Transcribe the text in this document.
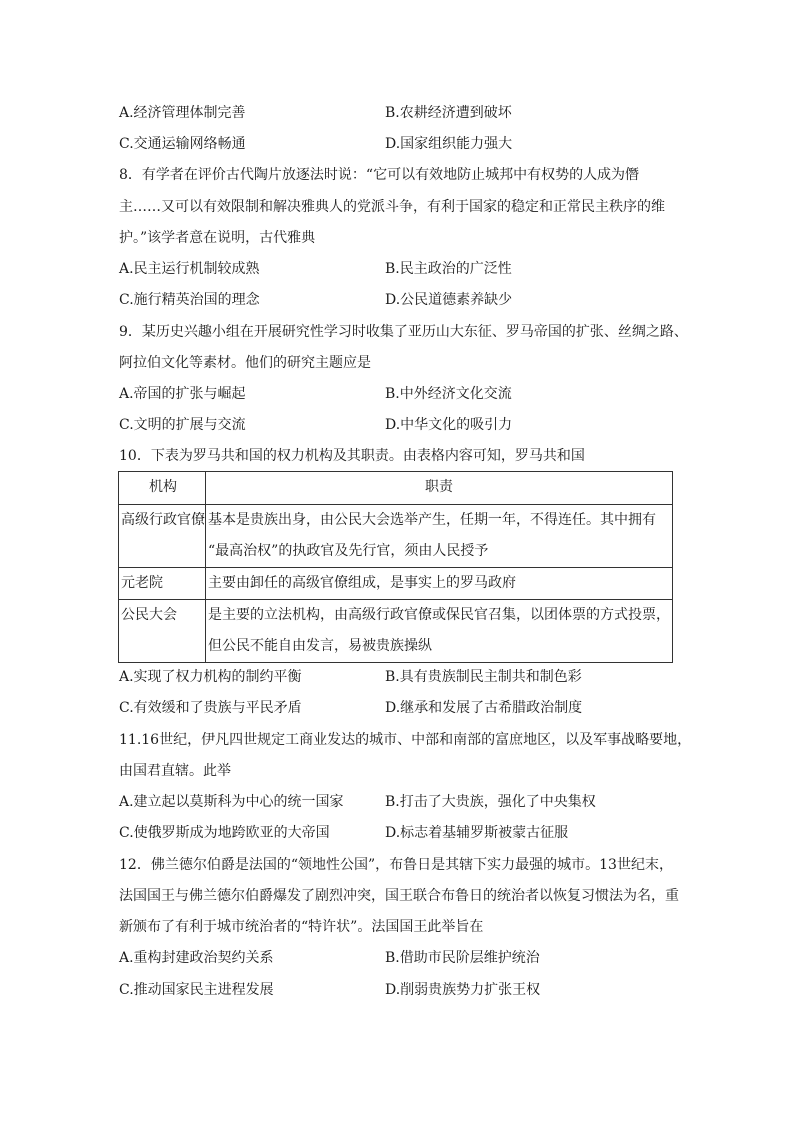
A.经济管理体制完善	B.农耕经济遭到破坏
C.交通运输网络畅通	D.国家组织能力强大
8．有学者在评价古代陶片放逐法时说：“它可以有效地防止城邦中有权势的人成为僭
主……又可以有效限制和解决雅典人的党派斗争，有利于国家的稳定和正常民主秩序的维
护。”该学者意在说明，古代雅典
A.民主运行机制较成熟	B.民主政治的广泛性
C.施行精英治国的理念	D.公民道德素养缺少
9．某历史兴趣小组在开展研究性学习时收集了亚历山大东征、罗马帝国的扩张、丝绸之路、
阿拉伯文化等素材。他们的研究主题应是
A.帝国的扩张与崛起	B.中外经济文化交流
C.文明的扩展与交流	D.中华文化的吸引力
10．下表为罗马共和国的权力机构及其职责。由表格内容可知，罗马共和国
机构	职责

高级行政官僚	基本是贵族出身，由公民大会选举产生，任期一年，不得连任。其中拥有
“最高治权”的执政官及先行官，须由人民授予

元老院	主要由卸任的高级官僚组成，是事实上的罗马政府

公民大会	是主要的立法机构，由高级行政官僚或保民官召集，以团体票的方式投票，
但公民不能自由发言，易被贵族操纵
A.实现了权力机构的制约平衡	B.具有贵族制民主制共和制色彩
C.有效缓和了贵族与平民矛盾	D.继承和发展了古希腊政治制度
11.16世纪，伊凡四世规定工商业发达的城市、中部和南部的富庶地区，以及军事战略要地，
由国君直辖。此举
A.建立起以莫斯科为中心的统一国家	B.打击了大贵族，强化了中央集权
C.使俄罗斯成为地跨欧亚的大帝国	D.标志着基辅罗斯被蒙古征服
12．佛兰德尔伯爵是法国的“领地性公国”，布鲁日是其辖下实力最强的城市。13世纪末，
法国国王与佛兰德尔伯爵爆发了剧烈冲突，国王联合布鲁日的统治者以恢复习惯法为名，重
新颁布了有利于城市统治者的“特许状”。法国国王此举旨在
A.重构封建政治契约关系	B.借助市民阶层维护统治
C.推动国家民主进程发展	D.削弱贵族势力扩张王权
